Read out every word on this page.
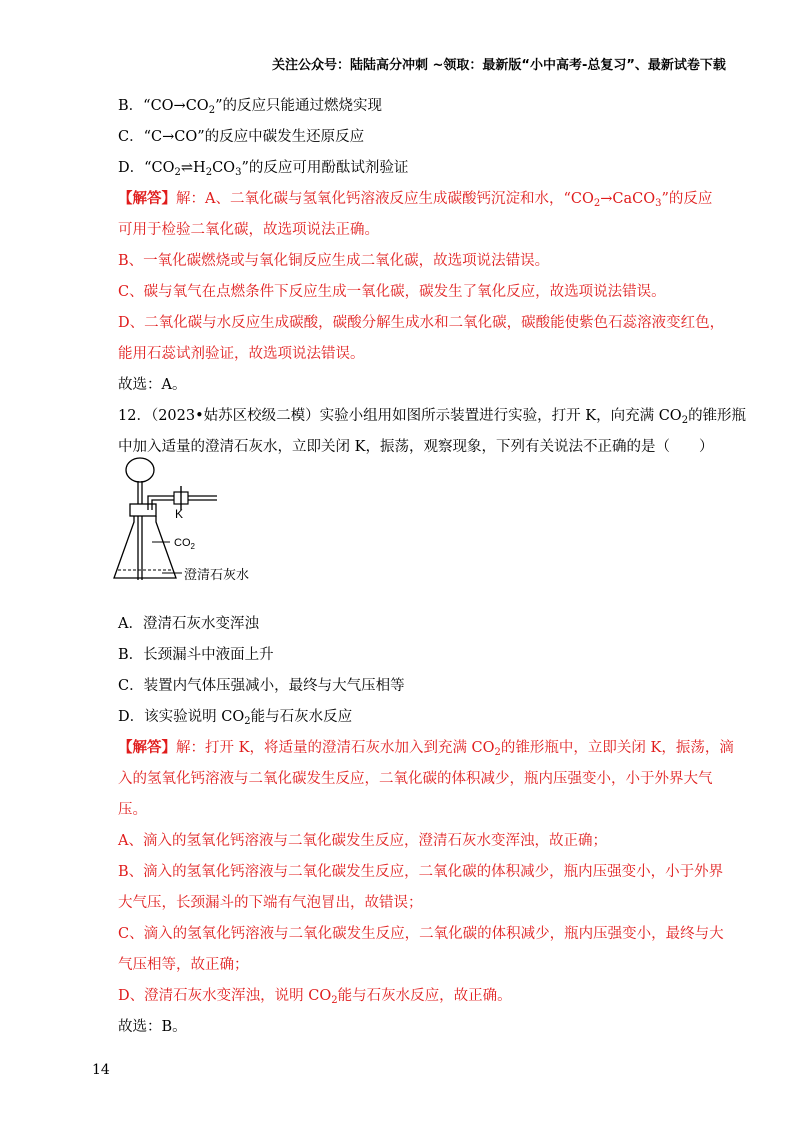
关注公众号：陆陆高分冲刺 ~领取：最新版“小中高考-总复习”、最新试卷下载
B．“$CO\to CO_2$”的反应只能通过燃烧实现
C．“C→CO”的反应中碳发生还原反应
D．“$CO_2\rightleftharpoons H_2CO_3$”的反应可用酚酞试剂验证
【解答】解：A、二氧化碳与氢氧化钙溶液反应生成碳酸钙沉淀和水，“$CO_2\to CaCO_3$”的反应
可用于检验二氧化碳，故选项说法正确。
B、一氧化碳燃烧或与氧化铜反应生成二氧化碳，故选项说法错误。
C、碳与氧气在点燃条件下反应生成一氧化碳，碳发生了氧化反应，故选项说法错误。
D、二氧化碳与水反应生成碳酸，碳酸分解生成水和二氧化碳，碳酸能使紫色石蕊溶液变红色，
能用石蕊试剂验证，故选项说法错误。
故选：A。
12．（2023•姑苏区校级二模）实验小组用如图所示装置进行实验，打开 K，向充满 $CO_2$的锥形瓶
中加入适量的澄清石灰水，立即关闭 K，振荡，观察现象，下列有关说法不正确的是（　　）
K
$CO_2$
澄清石灰水
A．澄清石灰水变浑浊
B．长颈漏斗中液面上升
C．装置内气体压强减小，最终与大气压相等
D．该实验说明 $CO_2$能与石灰水反应
【解答】解：打开 K，将适量的澄清石灰水加入到充满 $CO_2$的锥形瓶中，立即关闭 K，振荡，滴
入的氢氧化钙溶液与二氧化碳发生反应，二氧化碳的体积减少，瓶内压强变小，小于外界大气
压。
A、滴入的氢氧化钙溶液与二氧化碳发生反应，澄清石灰水变浑浊，故正确；
B、滴入的氢氧化钙溶液与二氧化碳发生反应，二氧化碳的体积减少，瓶内压强变小，小于外界
大气压，长颈漏斗的下端有气泡冒出，故错误；
C、滴入的氢氧化钙溶液与二氧化碳发生反应，二氧化碳的体积减少，瓶内压强变小，最终与大
气压相等，故正确；
D、澄清石灰水变浑浊，说明 $CO_2$能与石灰水反应，故正确。
故选：B。
14
